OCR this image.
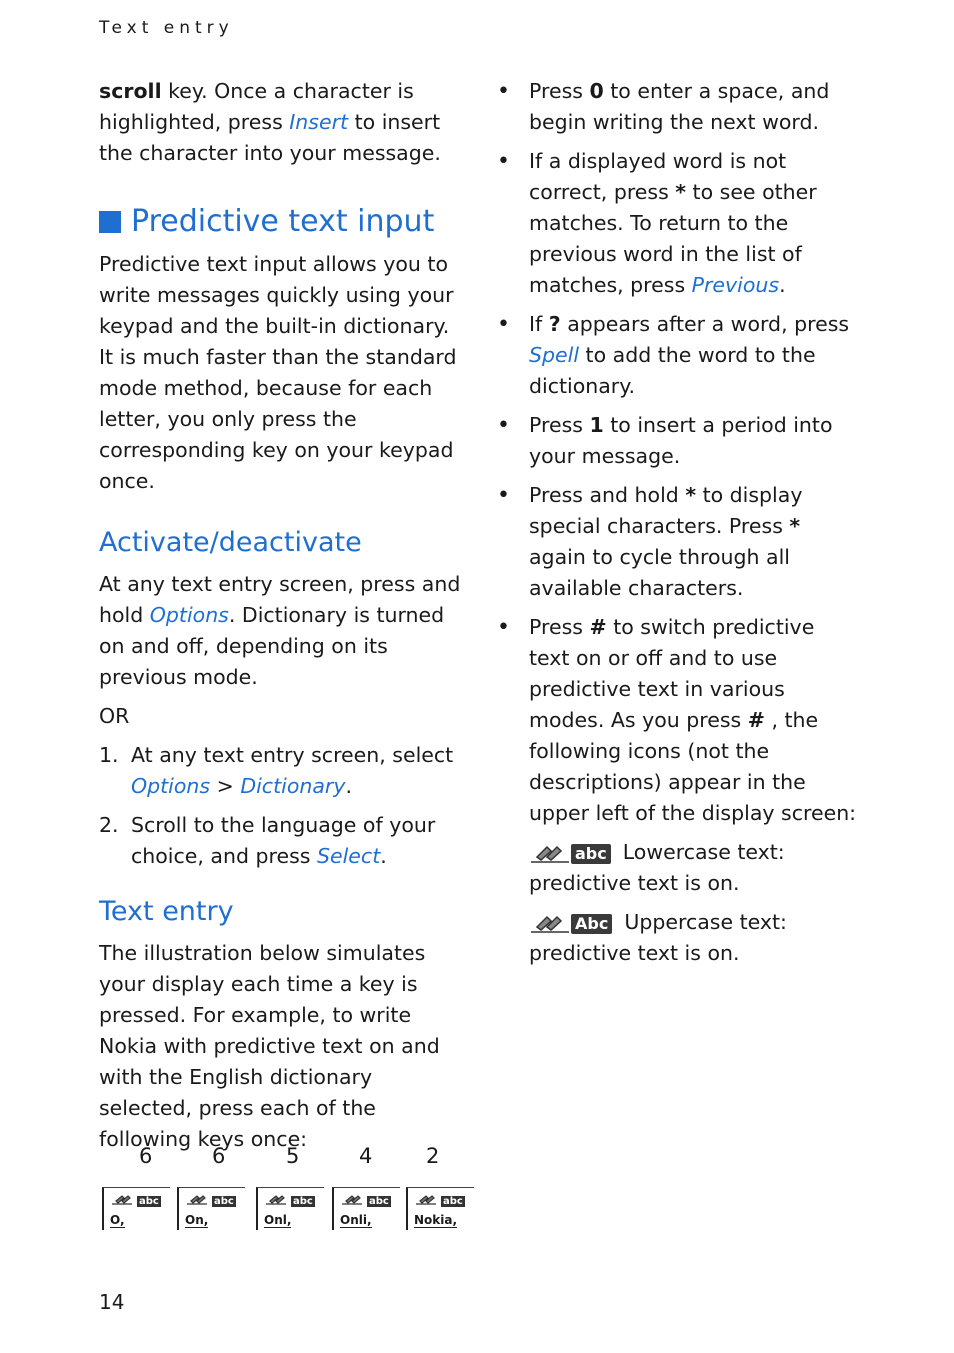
Text entry

scroll key. Once a character is highlighted, press Insert to insert the character into your message.

Predictive text input

Predictive text input allows you to write messages quickly using your keypad and the built-in dictionary. It is much faster than the standard mode method, because for each letter, you only press the corresponding key on your keypad once.

Activate/deactivate

At any text entry screen, press and hold Options. Dictionary is turned on and off, depending on its previous mode.

OR

1. At any text entry screen, select Options > Dictionary.
2. Scroll to the language of your choice, and press Select.
Text entry

The illustration below simulates your display each time a key is pressed. For example, to write Nokia with predictive text on and with the English dictionary selected, press each of the following keys once:

6	6	5	4	2
abc
O,
abc
On,
abc
Onl,
abc
Onli,
abc
Nokia,
• Press 0 to enter a space, and begin writing the next word.
• If a displayed word is not correct, press * to see other matches. To return to the previous word in the list of matches, press Previous.
• If ? appears after a word, press Spell to add the word to the dictionary.
• Press 1 to insert a period into your message.
• Press and hold * to display special characters. Press * again to cycle through all available characters.
• Press # to switch predictive text on or off and to use predictive text in various modes. As you press # , the following icons (not the descriptions) appear in the upper left of the display screen:
abc Lowercase text:
predictive text is on.
Abc Uppercase text:
predictive text is on.
14
